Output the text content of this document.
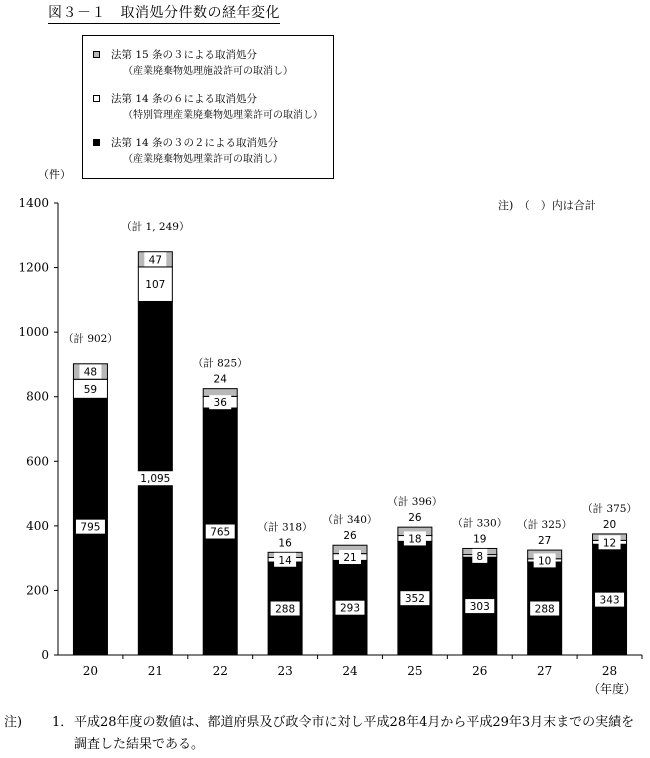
図３－１　取消処分件数の経年変化
法第 15 条の３による取消処分
（産業廃棄物処理施設許可の取消し）
法第 14 条の６による取消処分
（特別管理産業廃棄物処理業許可の取消し）
法第 14 条の３の２による取消処分
（産業廃棄物処理業許可の取消し）
（件）
注)　（　）内は合計
0
200
400
600
800
1000
1200
1400
20	21	22	23	24	25	26	27	28
795
59
48
（計 902）
1,095
107
47
（計 1, 249）
765
36
24
（計 825）
288
14
16
（計 318）
293
21
26
（計 340）
352
18
26
（計 396）
303
8
19
（計 330）
288
10
27
（計 325）
343
12
20
（計 375）
（年度）
注) 1． 平成28年度の数値は、都道府県及び政令市に対し平成28年4月から平成29年3月末までの実績を調査した結果である。
